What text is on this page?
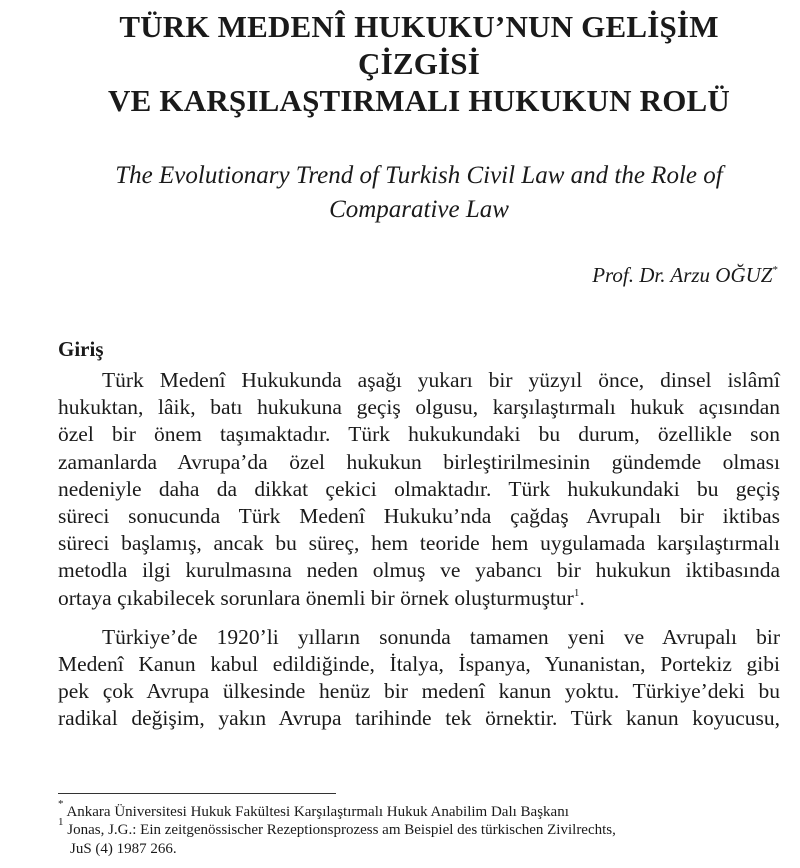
TÜRK MEDENÎ HUKUKU’NUN GELİŞİM ÇİZGİSİ
VE KARŞILAŞTIRMALI HUKUKUN ROLÜ
The Evolutionary Trend of Turkish Civil Law and the Role of
Comparative Law
Prof. Dr. Arzu OĞUZ*
Giriş
Türk Medenî Hukukunda aşağı yukarı bir yüzyıl önce, dinsel islâmî
hukuktan, lâik, batı hukukuna geçiş olgusu, karşılaştırmalı hukuk açısından
özel bir önem taşımaktadır. Türk hukukundaki bu durum, özellikle son
zamanlarda Avrupa’da özel hukukun birleştirilmesinin gündemde olması
nedeniyle daha da dikkat çekici olmaktadır. Türk hukukundaki bu geçiş
süreci sonucunda Türk Medenî Hukuku’nda çağdaş Avrupalı bir iktibas
süreci başlamış, ancak bu süreç, hem teoride hem uygulamada karşılaştırmalı
metodla ilgi kurulmasına neden olmuş ve yabancı bir hukukun iktibasında
ortaya çıkabilecek sorunlara önemli bir örnek oluşturmuştur$^1$.
Türkiye’de 1920’li yılların sonunda tamamen yeni ve Avrupalı bir
Medenî Kanun kabul edildiğinde, İtalya, İspanya, Yunanistan, Portekiz gibi
pek çok Avrupa ülkesinde henüz bir medenî kanun yoktu. Türkiye’deki bu
radikal değişim, yakın Avrupa tarihinde tek örnektir. Türk kanun koyucusu,
* Ankara Üniversitesi Hukuk Fakültesi Karşılaştırmalı Hukuk Anabilim Dalı Başkanı
$^1$ Jonas, J.G.: Ein zeitgenössischer Rezeptionsprozess am Beispiel des türkischen Zivilrechts,
JuS (4) 1987 266.
